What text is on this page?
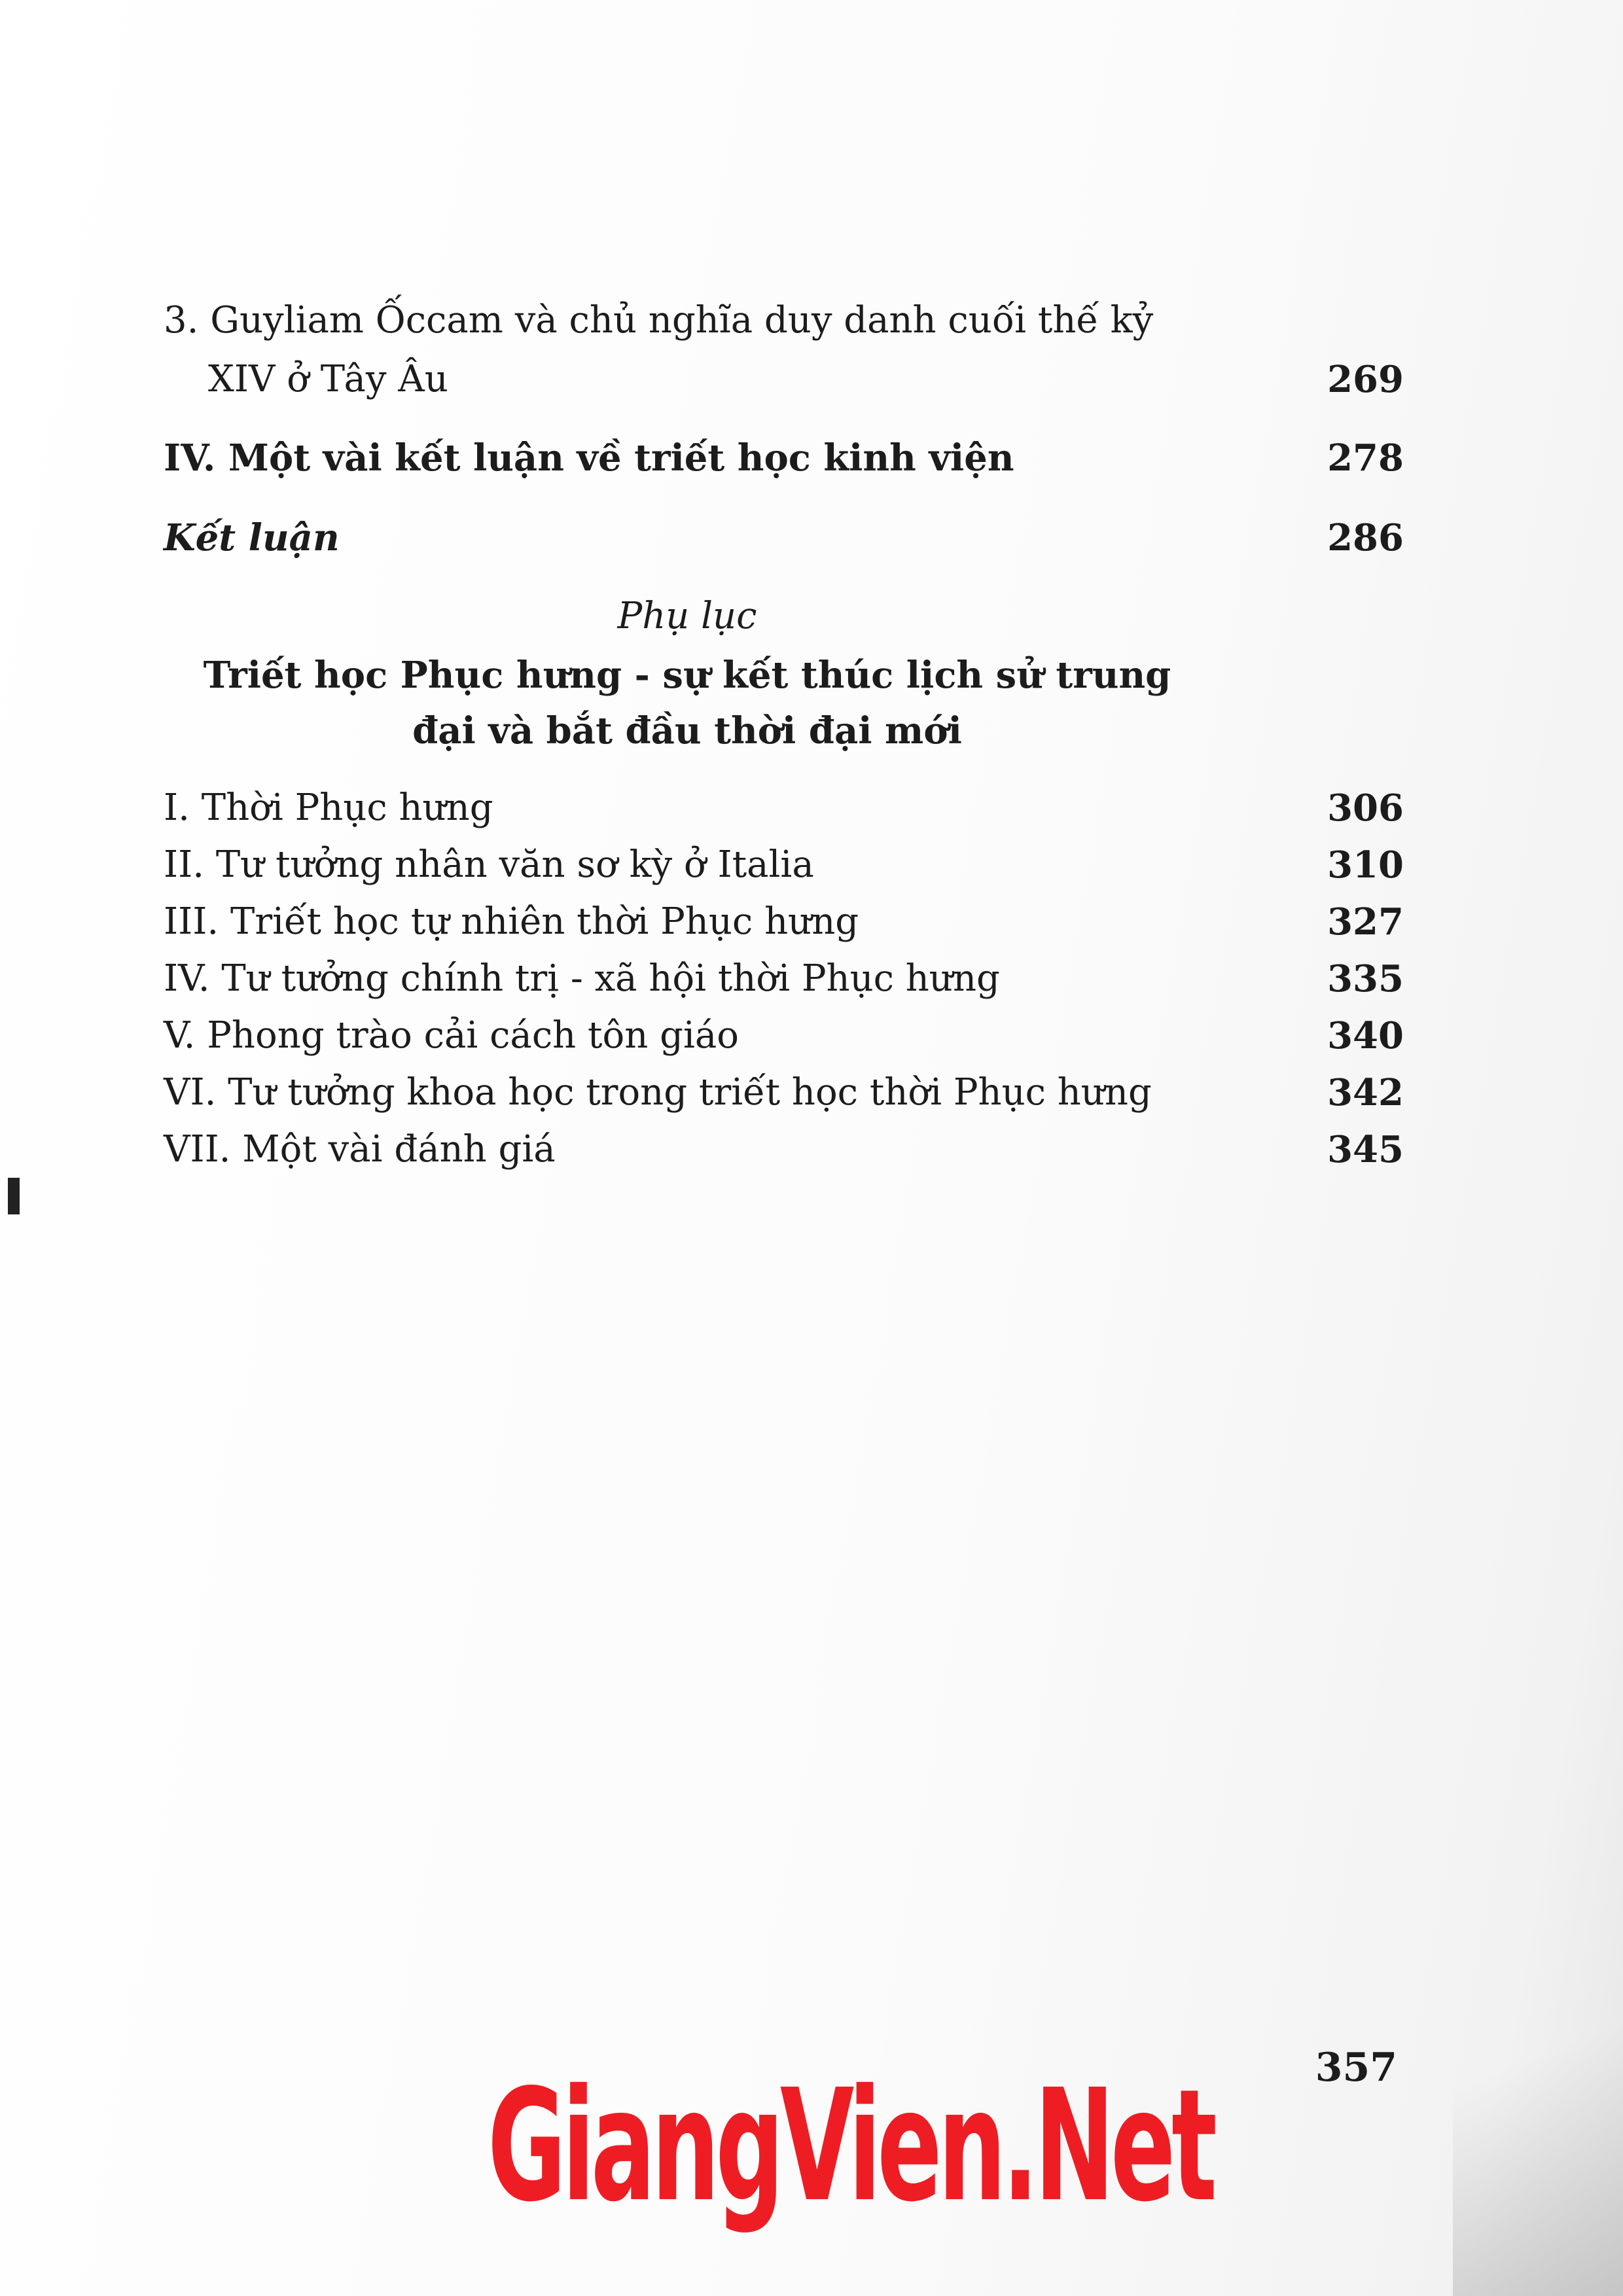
3. Guyliam Ốccam và chủ nghĩa duy danh cuối thế kỷ
XIV ở Tây Âu	269
IV. Một vài kết luận về triết học kinh viện	278
Kết luận	286
Phụ lục
Triết học Phục hưng - sự kết thúc lịch sử trung
đại và bắt đầu thời đại mới
I. Thời Phục hưng	306
II. Tư tưởng nhân văn sơ kỳ ở Italia	310
III. Triết học tự nhiên thời Phục hưng	327
IV. Tư tưởng chính trị - xã hội thời Phục hưng	335
V. Phong trào cải cách tôn giáo	340
VI. Tư tưởng khoa học trong triết học thời Phục hưng	342
VII. Một vài đánh giá	345
357
GiangVien.Net
